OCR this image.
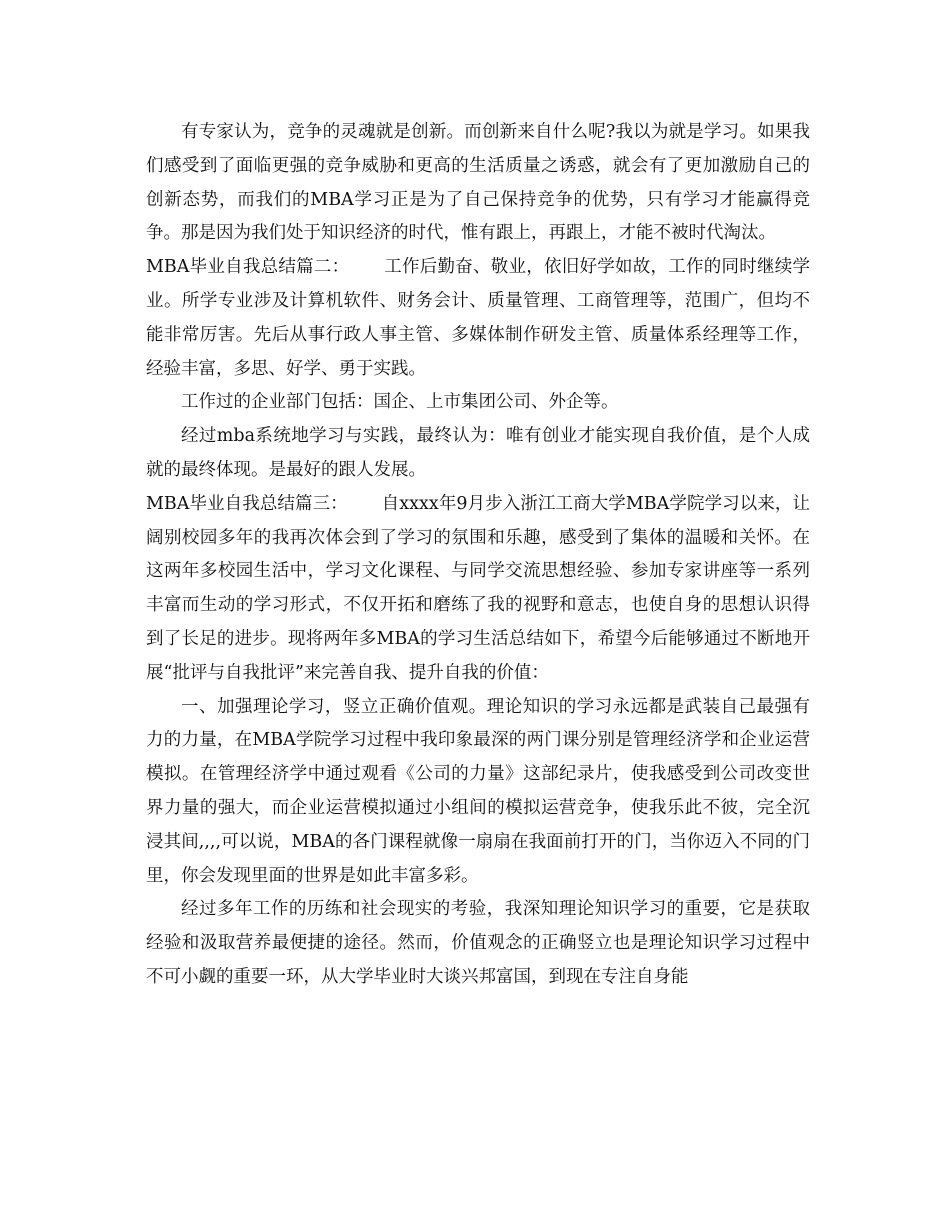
有专家认为，竞争的灵魂就是创新。而创新来自什么呢?我以为就是学习。如果我们感受到了面临更强的竞争威胁和更高的生活质量之诱惑，就会有了更加激励自己的创新态势，而我们的MBA学习正是为了自己保持竞争的优势，只有学习才能赢得竞争。那是因为我们处于知识经济的时代，惟有跟上，再跟上，才能不被时代淘汰。

MBA毕业自我总结篇二： 工作后勤奋、敬业，依旧好学如故，工作的同时继续学业。所学专业涉及计算机软件、财务会计、质量管理、工商管理等，范围广，但均不能非常厉害。先后从事行政人事主管、多媒体制作研发主管、质量体系经理等工作，经验丰富，多思、好学、勇于实践。

工作过的企业部门包括：国企、上市集团公司、外企等。

经过mba系统地学习与实践，最终认为：唯有创业才能实现自我价值，是个人成就的最终体现。是最好的跟人发展。

MBA毕业自我总结篇三： 自xxxx年9月步入浙江工商大学MBA学院学习以来，让阔别校园多年的我再次体会到了学习的氛围和乐趣，感受到了集体的温暖和关怀。在这两年多校园生活中，学习文化课程、与同学交流思想经验、参加专家讲座等一系列丰富而生动的学习形式，不仅开拓和磨练了我的视野和意志，也使自身的思想认识得到了长足的进步。现将两年多MBA的学习生活总结如下，希望今后能够通过不断地开展“批评与自我批评”来完善自我、提升自我的价值：

一、加强理论学习，竖立正确价值观。理论知识的学习永远都是武装自己最强有力的力量，在MBA学院学习过程中我印象最深的两门课分别是管理经济学和企业运营模拟。在管理经济学中通过观看《公司的力量》这部纪录片，使我感受到公司改变世界力量的强大，而企业运营模拟通过小组间的模拟运营竞争，使我乐此不彼，完全沉浸其间,,,,可以说，MBA的各门课程就像一扇扇在我面前打开的门，当你迈入不同的门里，你会发现里面的世界是如此丰富多彩。

经过多年工作的历练和社会现实的考验，我深知理论知识学习的重要，它是获取经验和汲取营养最便捷的途径。然而，价值观念的正确竖立也是理论知识学习过程中不可小觑的重要一环，从大学毕业时大谈兴邦富国，到现在专注自身能
